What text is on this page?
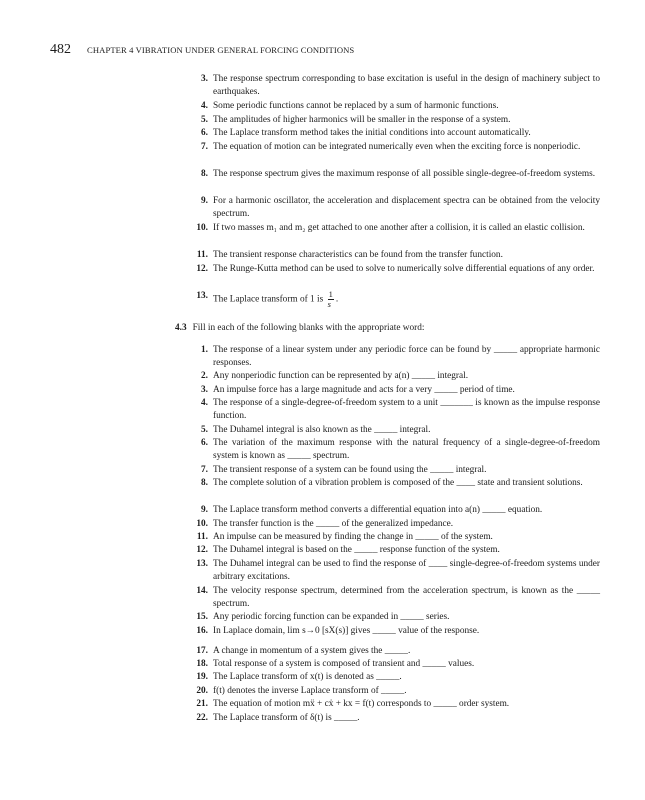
482 CHAPTER 4 VIBRATION UNDER GENERAL FORCING CONDITIONS
3. The response spectrum corresponding to base excitation is useful in the design of machinery subject to earthquakes.
4. Some periodic functions cannot be replaced by a sum of harmonic functions.
5. The amplitudes of higher harmonics will be smaller in the response of a system.
6. The Laplace transform method takes the initial conditions into account automatically.
7. The equation of motion can be integrated numerically even when the exciting force is nonperiodic.
8. The response spectrum gives the maximum response of all possible single-degree-of-freedom systems.
9. For a harmonic oscillator, the acceleration and displacement spectra can be obtained from the velocity spectrum.
10. If two masses m₁ and m₂ get attached to one another after a collision, it is called an elastic collision.
11. The transient response characteristics can be found from the transfer function.
12. The Runge-Kutta method can be used to solve to numerically solve differential equations of any order.
13. The Laplace transform of 1 is $\frac{1}{s}$ .
4.3 Fill in each of the following blanks with the appropriate word:
1. The response of a linear system under any periodic force can be found by _____ appropriate harmonic responses.
2. Any nonperiodic function can be represented by a(n) _____ integral.
3. An impulse force has a large magnitude and acts for a very _____ period of time.
4. The response of a single-degree-of-freedom system to a unit _______ is known as the impulse response function.
5. The Duhamel integral is also known as the _____ integral.
6. The variation of the maximum response with the natural frequency of a single-degree-of-freedom system is known as _____ spectrum.
7. The transient response of a system can be found using the _____ integral.
8. The complete solution of a vibration problem is composed of the ____ state and transient solutions.
9. The Laplace transform method converts a differential equation into a(n) _____ equation.
10. The transfer function is the _____ of the generalized impedance.
11. An impulse can be measured by finding the change in _____ of the system.
12. The Duhamel integral is based on the _____ response function of the system.
13. The Duhamel integral can be used to find the response of ____ single-degree-of-freedom systems under arbitrary excitations.
14. The velocity response spectrum, determined from the acceleration spectrum, is known as the _____ spectrum.
15. Any periodic forcing function can be expanded in _____ series.
16. In Laplace domain, lim s→0 [sX(s)] gives _____ value of the response.
17. A change in momentum of a system gives the _____.
18. Total response of a system is composed of transient and _____ values.
19. The Laplace transform of x(t) is denoted as _____.
20. f(t) denotes the inverse Laplace transform of _____.
21. The equation of motion mẍ + cẋ + kx = f(t) corresponds to _____ order system.
22. The Laplace transform of δ(t) is _____.
